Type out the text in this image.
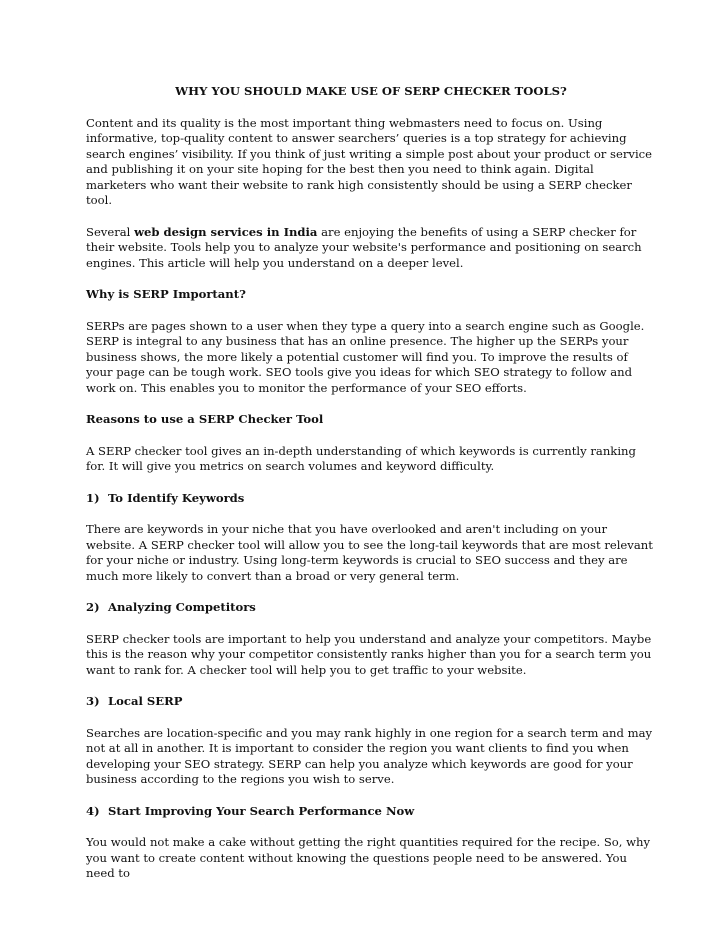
WHY YOU SHOULD MAKE USE OF SERP CHECKER TOOLS?

Content and its quality is the most important thing webmasters need to focus on. Using informative, top-quality content to answer searchers’ queries is a top strategy for achieving search engines’ visibility. If you think of just writing a simple post about your product or service and publishing it on your site hoping for the best then you need to think again. Digital marketers who want their website to rank high consistently should be using a SERP checker tool.

Several web design services in India are enjoying the benefits of using a SERP checker for their website. Tools help you to analyze your website's performance and positioning on search engines. This article will help you understand on a deeper level.

Why is SERP Important?

SERPs are pages shown to a user when they type a query into a search engine such as Google. SERP is integral to any business that has an online presence. The higher up the SERPs your business shows, the more likely a potential customer will find you. To improve the results of your page can be tough work. SEO tools give you ideas for which SEO strategy to follow and work on. This enables you to monitor the performance of your SEO efforts.

Reasons to use a SERP Checker Tool

A SERP checker tool gives an in-depth understanding of which keywords is currently ranking for. It will give you metrics on search volumes and keyword difficulty.

1) To Identify Keywords

There are keywords in your niche that you have overlooked and aren't including on your website. A SERP checker tool will allow you to see the long-tail keywords that are most relevant for your niche or industry. Using long-term keywords is crucial to SEO success and they are much more likely to convert than a broad or very general term.

2) Analyzing Competitors

SERP checker tools are important to help you understand and analyze your competitors. Maybe this is the reason why your competitor consistently ranks higher than you for a search term you want to rank for. A checker tool will help you to get traffic to your website.

3) Local SERP

Searches are location-specific and you may rank highly in one region for a search term and may not at all in another. It is important to consider the region you want clients to find you when developing your SEO strategy. SERP can help you analyze which keywords are good for your business according to the regions you wish to serve.

4) Start Improving Your Search Performance Now

You would not make a cake without getting the right quantities required for the recipe. So, why you want to create content without knowing the questions people need to be answered. You need to
